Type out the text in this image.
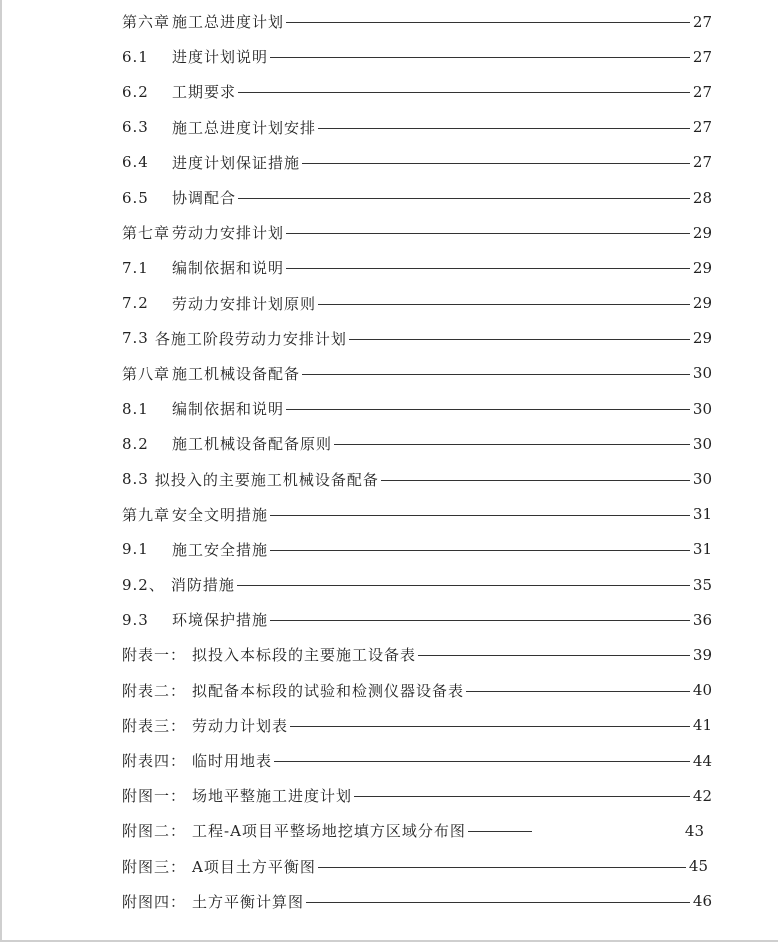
第六章 施工总进度计划	27
6.1	进度计划说明	27
6.2	工期要求	27
6.3	施工总进度计划安排	27
6.4	进度计划保证措施	27
6.5	协调配合	28
第七章 劳动力安排计划	29
7.1	编制依据和说明	29
7.2	劳动力安排计划原则	29
7.3 各施工阶段劳动力安排计划	29
第八章 施工机械设备配备	30
8.1	编制依据和说明	30
8.2	施工机械设备配备原则	30
8.3 拟投入的主要施工机械设备配备	30
第九章 安全文明措施	31
9.1	施工安全措施	31
9.2、 消防措施	35
9.3	环境保护措施	36
附表一： 拟投入本标段的主要施工设备表	39
附表二： 拟配备本标段的试验和检测仪器设备表	40
附表三： 劳动力计划表	41
附表四： 临时用地表	44
附图一： 场地平整施工进度计划	42
附图二： 工程-A项目平整场地挖填方区域分布图	43
附图三： A项目土方平衡图	45
附图四： 土方平衡计算图	46
